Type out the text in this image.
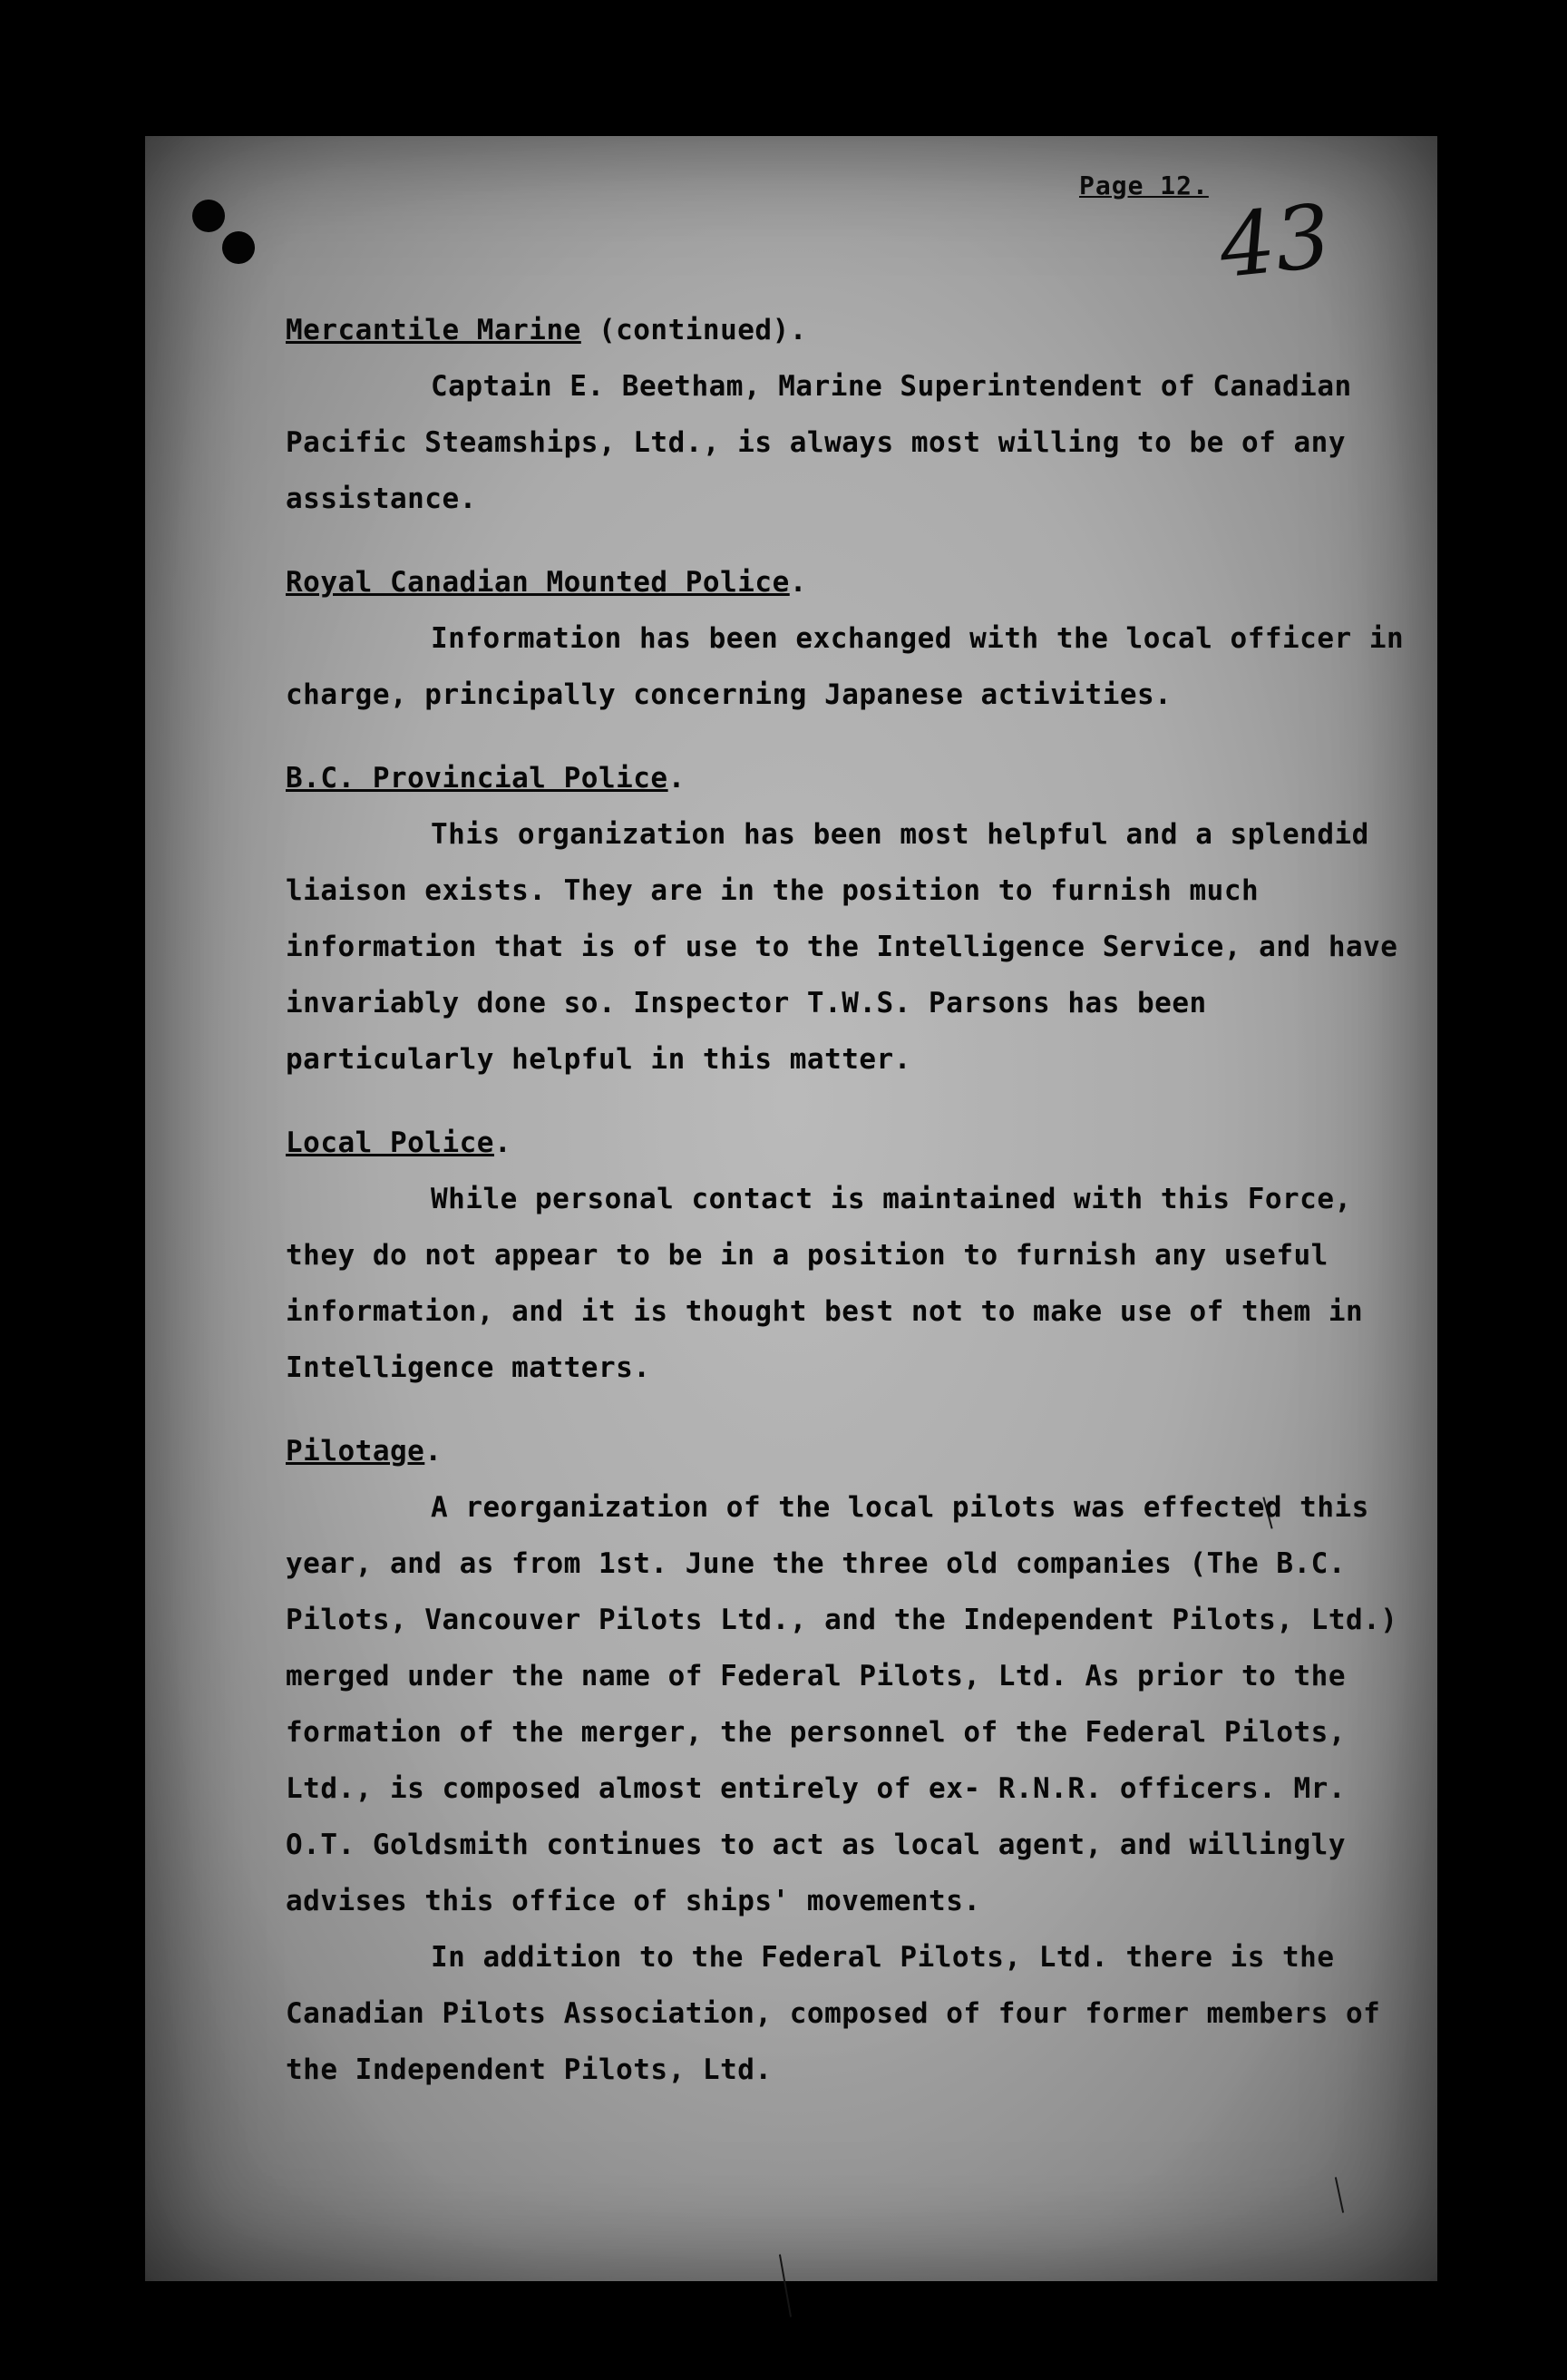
Page 12. 43

Mercantile Marine (continued).

Captain E. Beetham, Marine Superintendent of Canadian Pacific Steamships, Ltd., is always most willing to be of any assistance.

Royal Canadian Mounted Police.

Information has been exchanged with the local officer in charge, principally concerning Japanese activities.

B.C. Provincial Police.

This organization has been most helpful and a splendid liaison exists. They are in the position to furnish much information that is of use to the Intelligence Service, and have invariably done so. Inspector T.W.S. Parsons has been particularly helpful in this matter.

Local Police.

While personal contact is maintained with this Force, they do not appear to be in a position to furnish any useful information, and it is thought best not to make use of them in Intelligence matters.

Pilotage.

A reorganization of the local pilots was effected this year, and as from 1st. June the three old companies (The B.C. Pilots, Vancouver Pilots Ltd., and the Independent Pilots, Ltd.) merged under the name of Federal Pilots, Ltd. As prior to the formation of the merger, the personnel of the Federal Pilots, Ltd., is composed almost entirely of ex- R.N.R. officers. Mr. O.T. Goldsmith continues to act as local agent, and willingly advises this office of ships' movements.

In addition to the Federal Pilots, Ltd. there is the Canadian Pilots Association, composed of four former members of the Independent Pilots, Ltd.
